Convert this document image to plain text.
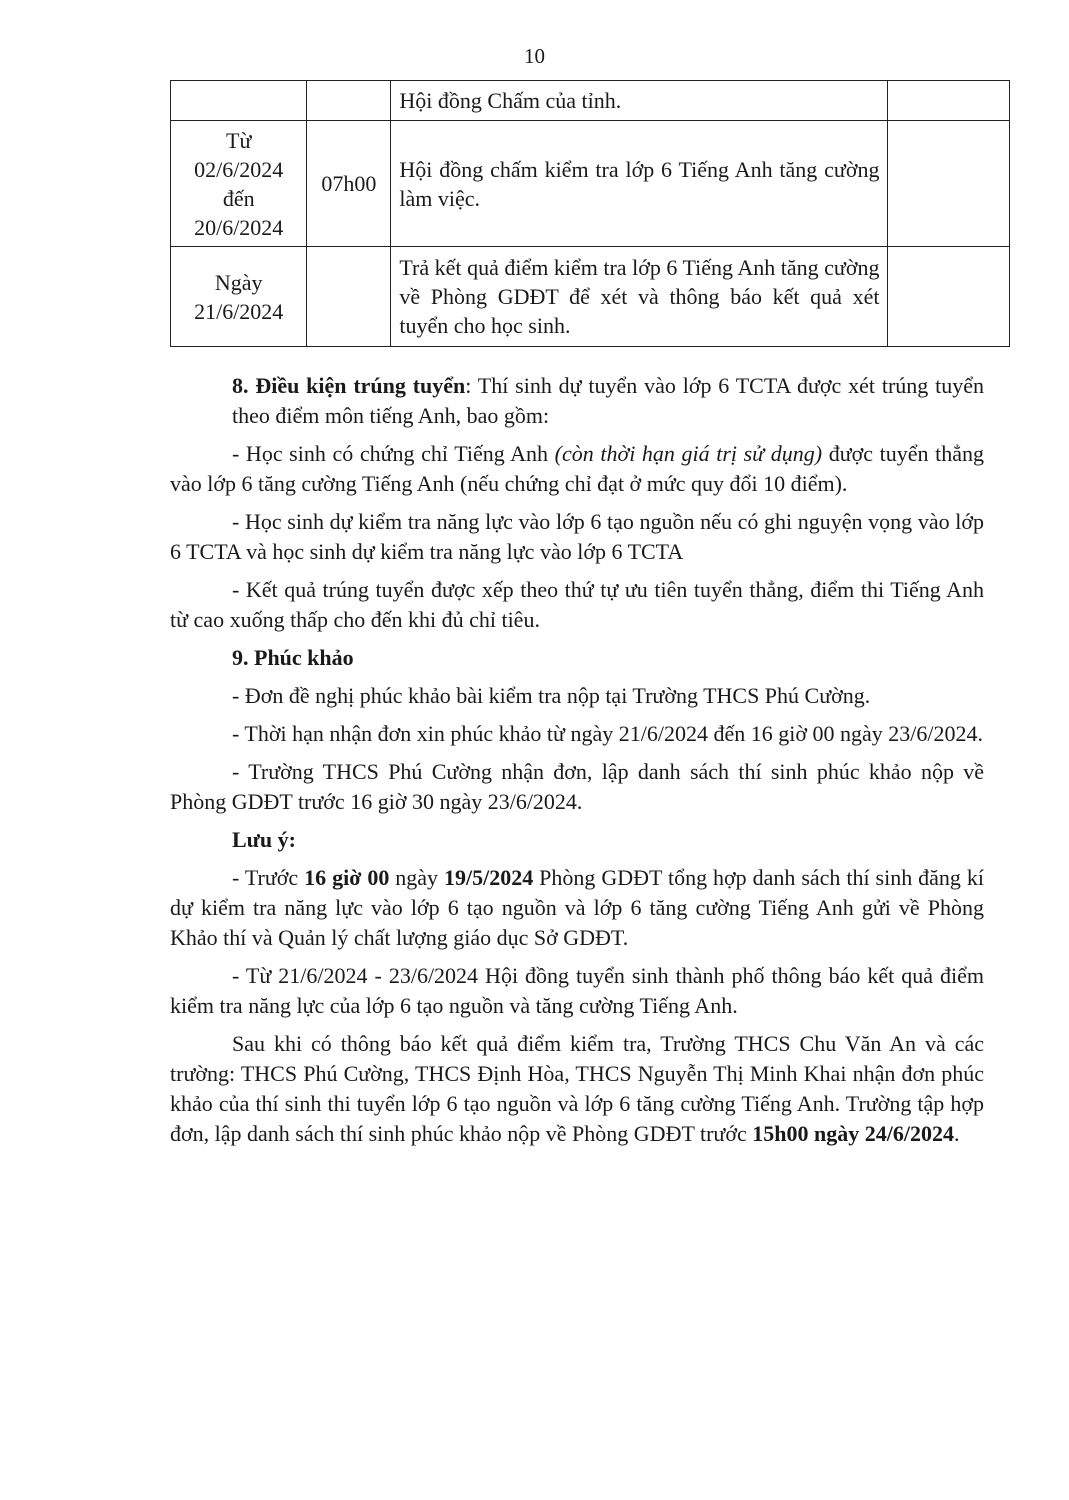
10
		Hội đồng Chấm của tỉnh.	

Từ
02/6/2024
đến
20/6/2024	07h00	Hội đồng chấm kiểm tra lớp 6 Tiếng Anh tăng cường làm việc.	

Ngày
21/6/2024		Trả kết quả điểm kiểm tra lớp 6 Tiếng Anh tăng cường về Phòng GDĐT để xét và thông báo kết quả xét tuyển cho học sinh.	

8. Điều kiện trúng tuyển: Thí sinh dự tuyển vào lớp 6 TCTA được xét trúng tuyển theo điểm môn tiếng Anh, bao gồm:

- Học sinh có chứng chỉ Tiếng Anh (còn thời hạn giá trị sử dụng) được tuyển thẳng vào lớp 6 tăng cường Tiếng Anh (nếu chứng chỉ đạt ở mức quy đổi 10 điểm).

- Học sinh dự kiểm tra năng lực vào lớp 6 tạo nguồn nếu có ghi nguyện vọng vào lớp 6 TCTA và học sinh dự kiểm tra năng lực vào lớp 6 TCTA

- Kết quả trúng tuyển được xếp theo thứ tự ưu tiên tuyển thẳng, điểm thi Tiếng Anh từ cao xuống thấp cho đến khi đủ chỉ tiêu.

9. Phúc khảo

- Đơn đề nghị phúc khảo bài kiểm tra nộp tại Trường THCS Phú Cường.

- Thời hạn nhận đơn xin phúc khảo từ ngày 21/6/2024 đến 16 giờ 00 ngày 23/6/2024.

- Trường THCS Phú Cường nhận đơn, lập danh sách thí sinh phúc khảo nộp về Phòng GDĐT trước 16 giờ 30 ngày 23/6/2024.

Lưu ý:

- Trước 16 giờ 00 ngày 19/5/2024 Phòng GDĐT tổng hợp danh sách thí sinh đăng kí dự kiểm tra năng lực vào lớp 6 tạo nguồn và lớp 6 tăng cường Tiếng Anh gửi về Phòng Khảo thí và Quản lý chất lượng giáo dục Sở GDĐT.

- Từ 21/6/2024 - 23/6/2024 Hội đồng tuyển sinh thành phố thông báo kết quả điểm kiểm tra năng lực của lớp 6 tạo nguồn và tăng cường Tiếng Anh.

Sau khi có thông báo kết quả điểm kiểm tra, Trường THCS Chu Văn An và các trường: THCS Phú Cường, THCS Định Hòa, THCS Nguyễn Thị Minh Khai nhận đơn phúc khảo của thí sinh thi tuyển lớp 6 tạo nguồn và lớp 6 tăng cường Tiếng Anh. Trường tập hợp đơn, lập danh sách thí sinh phúc khảo nộp về Phòng GDĐT trước 15h00 ngày 24/6/2024.
